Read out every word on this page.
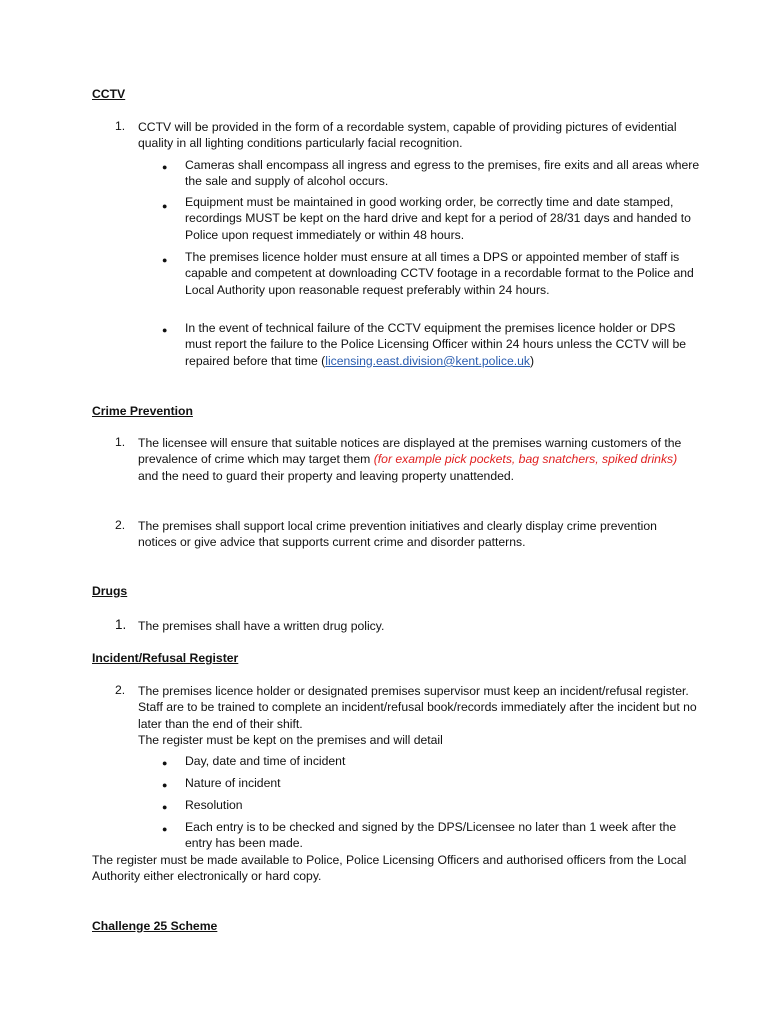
CCTV
1. CCTV will be provided in the form of a recordable system, capable of providing pictures of evidential quality in all lighting conditions particularly facial recognition.
● Cameras shall encompass all ingress and egress to the premises, fire exits and all areas where the sale and supply of alcohol occurs.
● Equipment must be maintained in good working order, be correctly time and date stamped, recordings MUST be kept on the hard drive and kept for a period of 28/31 days and handed to Police upon request immediately or within 48 hours.
● The premises licence holder must ensure at all times a DPS or appointed member of staff is capable and competent at downloading CCTV footage in a recordable format to the Police and Local Authority upon reasonable request preferably within 24 hours.
● In the event of technical failure of the CCTV equipment the premises licence holder or DPS must report the failure to the Police Licensing Officer within 24 hours unless the CCTV will be repaired before that time (licensing.east.division@kent.police.uk)
Crime Prevention
1. The licensee will ensure that suitable notices are displayed at the premises warning customers of the prevalence of crime which may target them (for example pick pockets, bag snatchers, spiked drinks) and the need to guard their property and leaving property unattended.
2. The premises shall support local crime prevention initiatives and clearly display crime prevention notices or give advice that supports current crime and disorder patterns.
Drugs
1. The premises shall have a written drug policy.
Incident/Refusal Register
2. The premises licence holder or designated premises supervisor must keep an incident/refusal register. Staff are to be trained to complete an incident/refusal book/records immediately after the incident but no later than the end of their shift.
The register must be kept on the premises and will detail
● Day, date and time of incident
● Nature of incident
● Resolution
● Each entry is to be checked and signed by the DPS/Licensee no later than 1 week after the entry has been made.
The register must be made available to Police, Police Licensing Officers and authorised officers from the Local Authority either electronically or hard copy.
Challenge 25 Scheme
